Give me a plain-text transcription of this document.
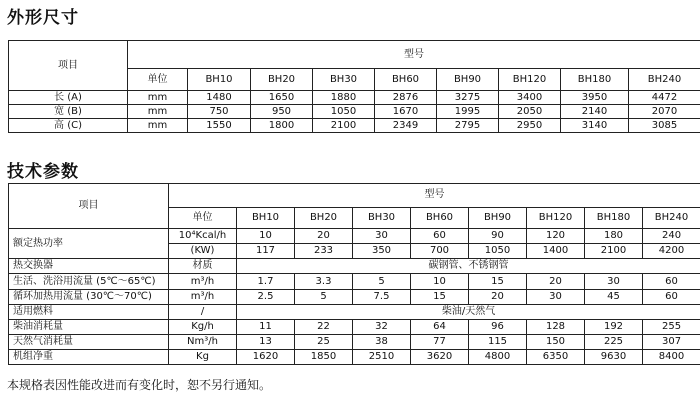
外形尺寸
项目	型号								
	单位	BH10	BH20	BH30	BH60	BH90	BH120	BH180	BH240
长 (A)	mm	1480	1650	1880	2876	3275	3400	3950	4472
宽 (B)	mm	750	950	1050	1670	1995	2050	2140	2070
高 (C)	mm	1550	1800	2100	2349	2795	2950	3140	3085
技术参数
项目	型号								
	单位	BH10	BH20	BH30	BH60	BH90	BH120	BH180	BH240
额定热功率	10⁴Kcal/h	10	20	30	60	90	120	180	240
	(KW)	117	233	350	700	1050	1400	2100	4200
热交换器	材质	碳钢管、不锈钢管							
生活、洗浴用流量 (5℃～65℃)	m³/h	1.7	3.3	5	10	15	20	30	60
循环加热用流量 (30℃～70℃)	m³/h	2.5	5	7.5	15	20	30	45	60
适用燃料	/	柴油/天然气							
柴油消耗量	Kg/h	11	22	32	64	96	128	192	255
天然气消耗量	Nm³/h	13	25	38	77	115	150	225	307
机组净重	Kg	1620	1850	2510	3620	4800	6350	9630	8400
本规格表因性能改进而有变化时，恕不另行通知。
